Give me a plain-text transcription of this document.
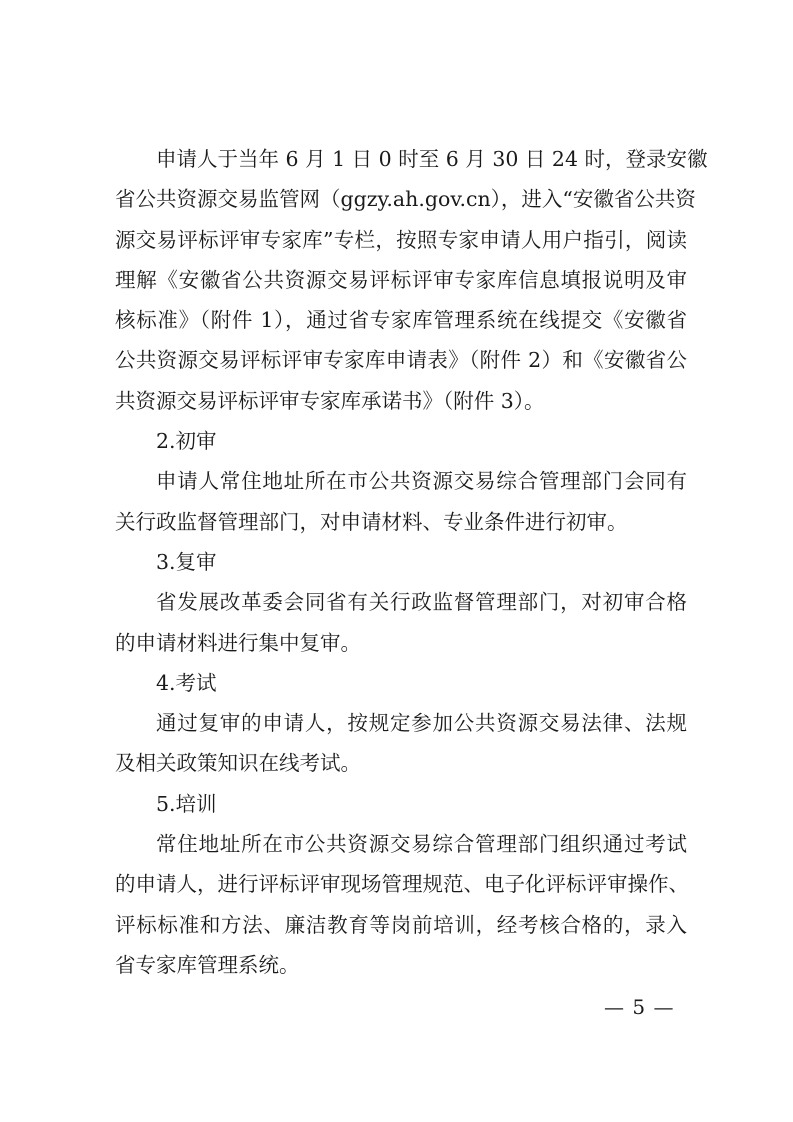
申请人于当年 6 月 1 日 0 时至 6 月 30 日 24 时，登录安徽
省公共资源交易监管网（ggzy.ah.gov.cn），进入“安徽省公共资
源交易评标评审专家库”专栏，按照专家申请人用户指引，阅读
理解《安徽省公共资源交易评标评审专家库信息填报说明及审
核标准》（附件 1），通过省专家库管理系统在线提交《安徽省
公共资源交易评标评审专家库申请表》（附件 2）和《安徽省公
共资源交易评标评审专家库承诺书》（附件 3）。
2.初审
申请人常住地址所在市公共资源交易综合管理部门会同有
关行政监督管理部门，对申请材料、专业条件进行初审。
3.复审
省发展改革委会同省有关行政监督管理部门，对初审合格
的申请材料进行集中复审。
4.考试
通过复审的申请人，按规定参加公共资源交易法律、法规
及相关政策知识在线考试。
5.培训
常住地址所在市公共资源交易综合管理部门组织通过考试
的申请人，进行评标评审现场管理规范、电子化评标评审操作、
评标标准和方法、廉洁教育等岗前培训，经考核合格的，录入
省专家库管理系统。
— 5 —
